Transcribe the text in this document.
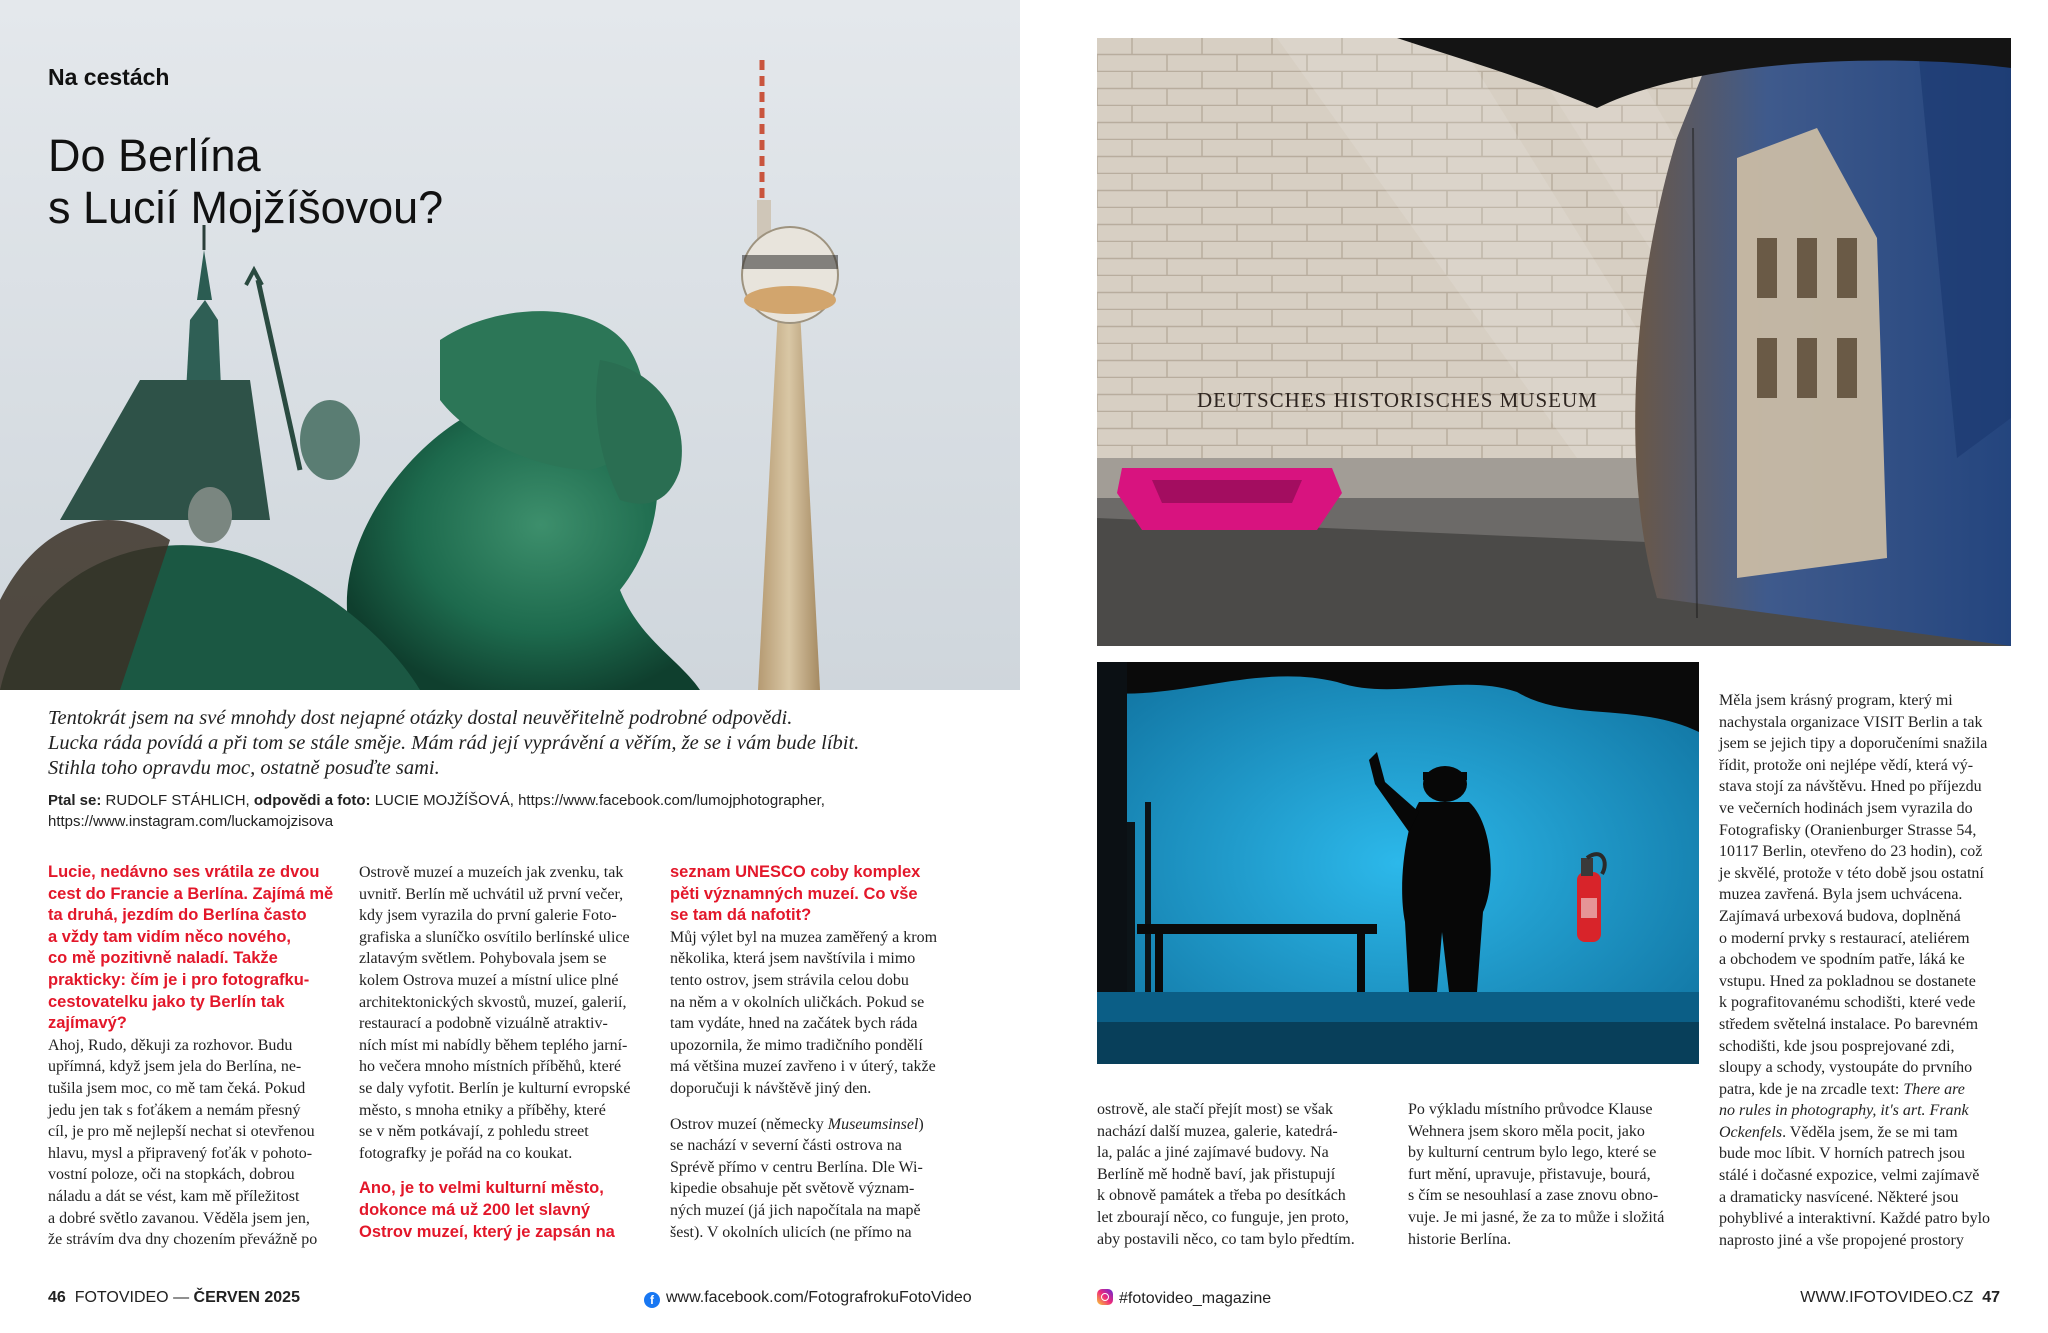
Na cestách
Do Berlína
s Lucií Mojžíšovou?
Tentokrát jsem na své mnohdy dost nejapné otázky dostal neuvěřitelně podrobné odpovědi.
Lucka ráda povídá a při tom se stále směje. Mám rád její vyprávění a věřím, že se i vám bude líbit.
Stihla toho opravdu moc, ostatně posuďte sami.
Ptal se: RUDOLF STÁHLICH, odpovědi a foto: LUCIE MOJŽÍŠOVÁ, https://www.facebook.com/lumojphotographer,
https://www.instagram.com/luckamojzisova
Lucie, nedávno ses vrátila ze dvou
cest do Francie a Berlína. Zajímá mě
ta druhá, jezdím do Berlína často
a vždy tam vidím něco nového,
co mě pozitivně naladí. Takže
prakticky: čím je i pro fotografku-
cestovatelku jako ty Berlín tak
zajímavý?
Ahoj, Rudo, děkuji za rozhovor. Budu
upřímná, když jsem jela do Berlína, ne-
tušila jsem moc, co mě tam čeká. Pokud
jedu jen tak s foťákem a nemám přesný
cíl, je pro mě nejlepší nechat si otevřenou
hlavu, mysl a připravený foťák v pohoto-
vostní poloze, oči na stopkách, dobrou
náladu a dát se vést, kam mě příležitost
a dobré světlo zavanou. Věděla jsem jen,
že strávím dva dny chozením převážně po
Ostrově muzeí a muzeích jak zvenku, tak
uvnitř. Berlín mě uchvátil už první večer,
kdy jsem vyrazila do první galerie Foto-
grafiska a sluníčko osvítilo berlínské ulice
zlatavým světlem. Pohybovala jsem se
kolem Ostrova muzeí a místní ulice plné
architektonických skvostů, muzeí, galerií,
restaurací a podobně vizuálně atraktiv-
ních míst mi nabídly během teplého jarní-
ho večera mnoho místních příběhů, které
se daly vyfotit. Berlín je kulturní evropské
město, s mnoha etniky a příběhy, které
se v něm potkávají, z pohledu street
fotografky je pořád na co koukat.
Ano, je to velmi kulturní město,
dokonce má už 200 let slavný
Ostrov muzeí, který je zapsán na
seznam UNESCO coby komplex
pěti významných muzeí. Co vše
se tam dá nafotit?
Můj výlet byl na muzea zaměřený a krom
několika, která jsem navštívila i mimo
tento ostrov, jsem strávila celou dobu
na něm a v okolních uličkách. Pokud se
tam vydáte, hned na začátek bych ráda
upozornila, že mimo tradičního pondělí
má většina muzeí zavřeno i v úterý, takže
doporučuji k návštěvě jiný den.
Ostrov muzeí (německy Museumsinsel)
se nachází v severní části ostrova na
Sprévě přímo v centru Berlína. Dle Wi-
kipedie obsahuje pět světově význam-
ných muzeí (já jich napočítala na mapě
šest). V okolních ulicích (ne přímo na
DEUTSCHES HISTORISCHES MUSEUM
ostrově, ale stačí přejít most) se však
nachází další muzea, galerie, katedrá-
la, palác a jiné zajímavé budovy. Na
Berlíně mě hodně baví, jak přistupují
k obnově památek a třeba po desítkách
let zbourají něco, co funguje, jen proto,
aby postavili něco, co tam bylo předtím.
Po výkladu místního průvodce Klause
Wehnera jsem skoro měla pocit, jako
by kulturní centrum bylo lego, které se
furt mění, upravuje, přistavuje, bourá,
s čím se nesouhlasí a zase znovu obno-
vuje. Je mi jasné, že za to může i složitá
historie Berlína.
Měla jsem krásný program, který mi
nachystala organizace VISIT Berlin a tak
jsem se jejich tipy a doporučeními snažila
řídit, protože oni nejlépe vědí, která vý-
stava stojí za návštěvu. Hned po příjezdu
ve večerních hodinách jsem vyrazila do
Fotografisky (Oranienburger Strasse 54,
10117 Berlin, otevřeno do 23 hodin), což
je skvělé, protože v této době jsou ostatní
muzea zavřená. Byla jsem uchvácena.
Zajímavá urbexová budova, doplněná
o moderní prvky s restaurací, ateliérem
a obchodem ve spodním patře, láká ke
vstupu. Hned za pokladnou se dostanete
k pografitovanému schodišti, které vede
středem světelná instalace. Po barevném
schodišti, kde jsou posprejované zdi,
sloupy a schody, vystoupáte do prvního
patra, kde je na zrcadle text: There are
no rules in photography, it's art. Frank
Ockenfels. Věděla jsem, že se mi tam
bude moc líbit. V horních patrech jsou
stálé i dočasné expozice, velmi zajímavě
a dramaticky nasvícené. Některé jsou
pohyblivé a interaktivní. Každé patro bylo
naprosto jiné a vše propojené prostory
46 FOTOVIDEO — ČERVEN 2025	f www.facebook.com/FotografrokuFotoVideo	#fotovideo_magazine	WWW.IFOTOVIDEO.CZ 47
